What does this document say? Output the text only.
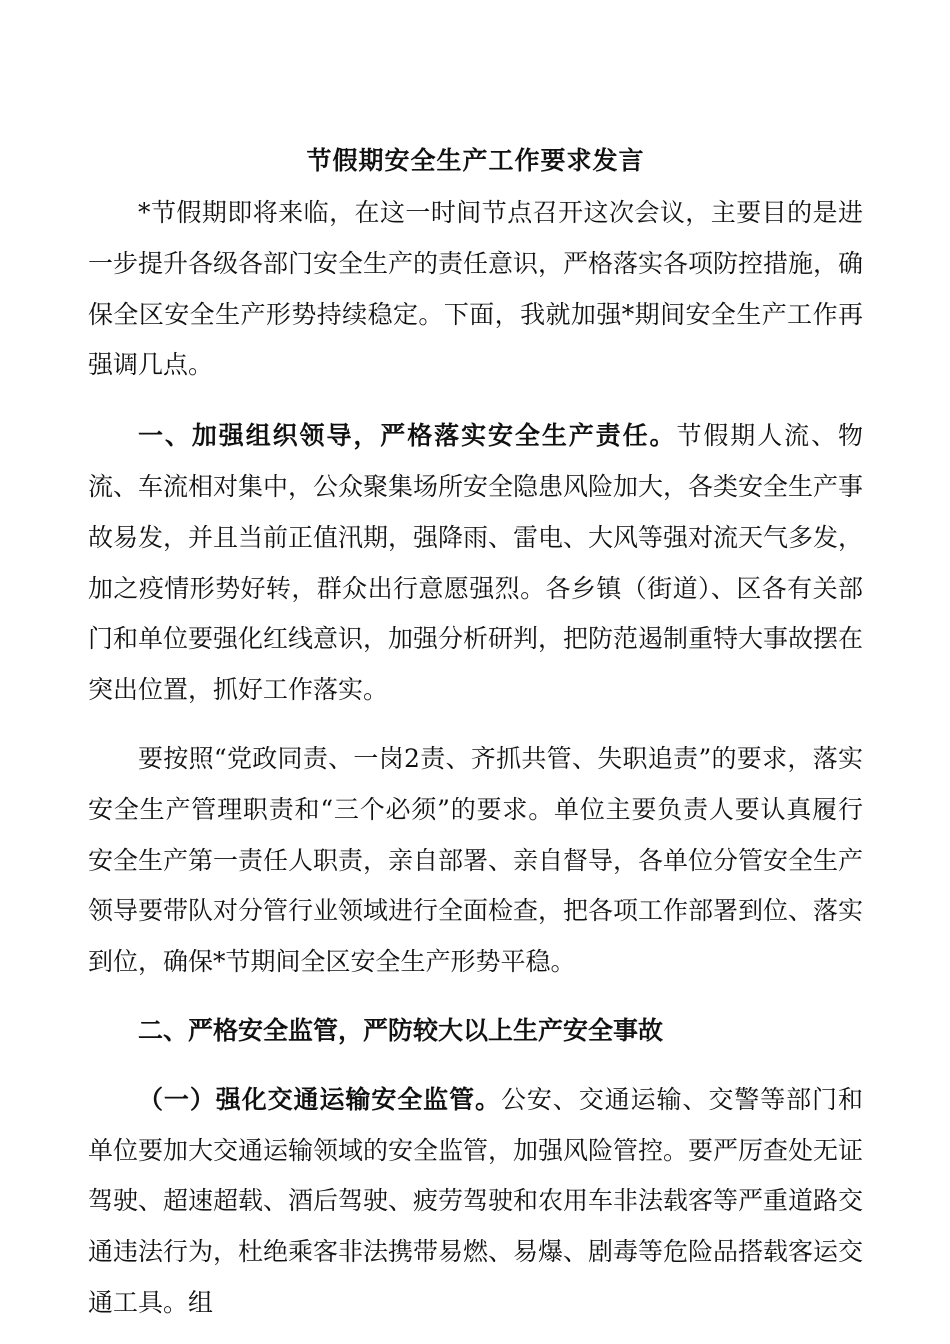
节假期安全生产工作要求发言

*节假期即将来临，在这一时间节点召开这次会议，主要目的是进一步提升各级各部门安全生产的责任意识，严格落实各项防控措施，确保全区安全生产形势持续稳定。下面，我就加强*期间安全生产工作再强调几点。

一、加强组织领导，严格落实安全生产责任。节假期人流、物流、车流相对集中，公众聚集场所安全隐患风险加大，各类安全生产事故易发，并且当前正值汛期，强降雨、雷电、大风等强对流天气多发，加之疫情形势好转，群众出行意愿强烈。各乡镇（街道）、区各有关部门和单位要强化红线意识，加强分析研判，把防范遏制重特大事故摆在突出位置，抓好工作落实。

要按照“党政同责、一岗2责、齐抓共管、失职追责”的要求，落实安全生产管理职责和“三个必须”的要求。单位主要负责人要认真履行安全生产第一责任人职责，亲自部署、亲自督导，各单位分管安全生产领导要带队对分管行业领域进行全面检查，把各项工作部署到位、落实到位，确保*节期间全区安全生产形势平稳。

二、严格安全监管，严防较大以上生产安全事故

（一）强化交通运输安全监管。公安、交通运输、交警等部门和单位要加大交通运输领域的安全监管，加强风险管控。要严厉查处无证驾驶、超速超载、酒后驾驶、疲劳驾驶和农用车非法载客等严重道路交通违法行为，杜绝乘客非法携带易燃、易爆、剧毒等危险品搭载客运交通工具。组
